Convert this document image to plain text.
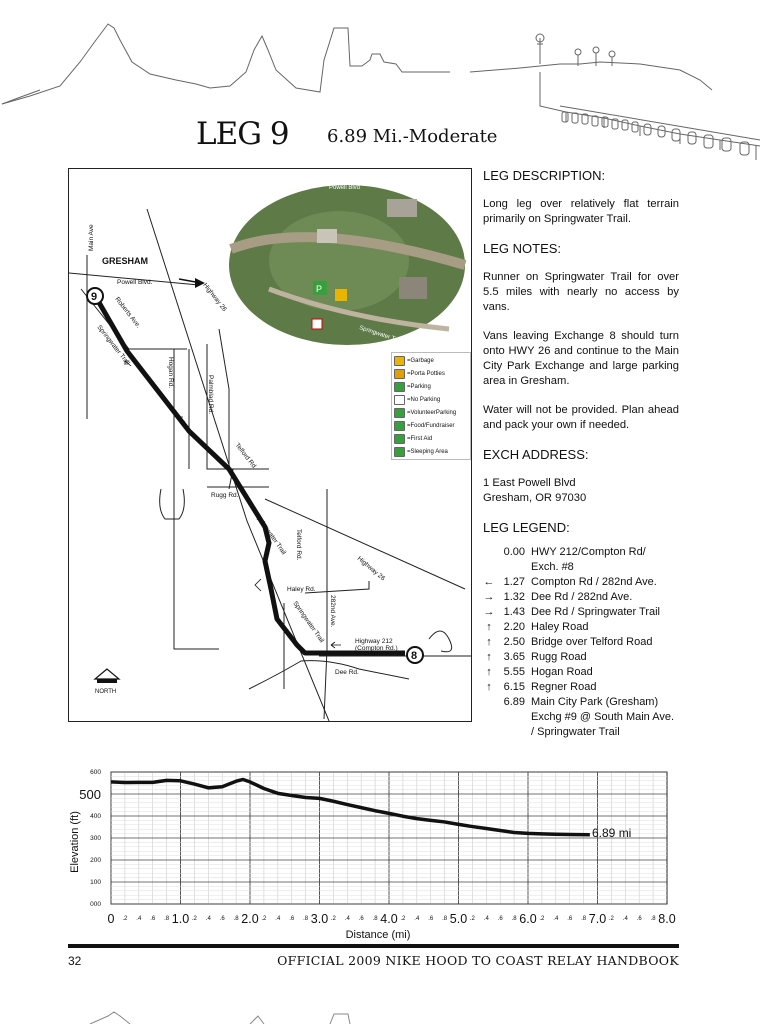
LEG 9 6.89 Mi.-Moderate
Powell Blvd
P
Springwater Trail
9
8
GRESHAM
Main Ave
Powell Blvd.
Roberts Ave.
Springwater Trail
Highway 26
Hogan Rd.
Palmblad Rd.
Telford Rd.
Rugg Rd.
Springwater Trail Telford Rd.
Haley Rd.
282nd Ave.
Springwater Trail
Highway 26
Highway 212
(Compton Rd.)
Dee Rd.
NORTH
=Garbage
=Porta Potties
=Parking
=No Parking
=VolunteerParking
=Food/Fundraiser
=First Aid
=Sleeping Area
LEG DESCRIPTION:
Long leg over relatively flat terrain primarily on Springwater Trail.
LEG NOTES:
Runner on Springwater Trail for over 5.5 miles with nearly no access by vans.
Vans leaving Exchange 8 should turn onto HWY 26 and continue to the Main City Park Exchange and large parking area in Gresham.
Water will not be provided. Plan ahead and pack your own if needed.
EXCH ADDRESS:
1 East Powell Blvd
Gresham, OR 97030
LEG LEGEND:
0.00 HWY 212/Compton Rd/
Exch. #8
← 1.27 Compton Rd / 282nd Ave.
→ 1.32 Dee Rd / 282nd Ave.
→ 1.43 Dee Rd / Springwater Trail
↑	2.20 Haley Road
↑	2.50 Bridge over Telford Road
↑	3.65 Rugg Road
↑	5.55 Hogan Road
↑	6.15 Regner Road
6.89 Main City Park (Gresham)
Exchg #9 @ South Main Ave.
/ Springwater Trail
000
100
200
300
400
500
600
0 .2 .4 .6 .8 1.0 .2 .4 .6 .8 2.0 .2 .4 .6 .8 3.0 .2 .4 .6 .8 4.0 .2 .4 .6 .8 5.0 .2 .4 .6 .8 6.0 .2 .4 .6 .8 7.0 .2 .4 .6 .8 8.0
Elevation (ft)
Distance (mi)
6.89 mi
32	OFFICIAL 2009 NIKE HOOD TO COAST RELAY HANDBOOK
